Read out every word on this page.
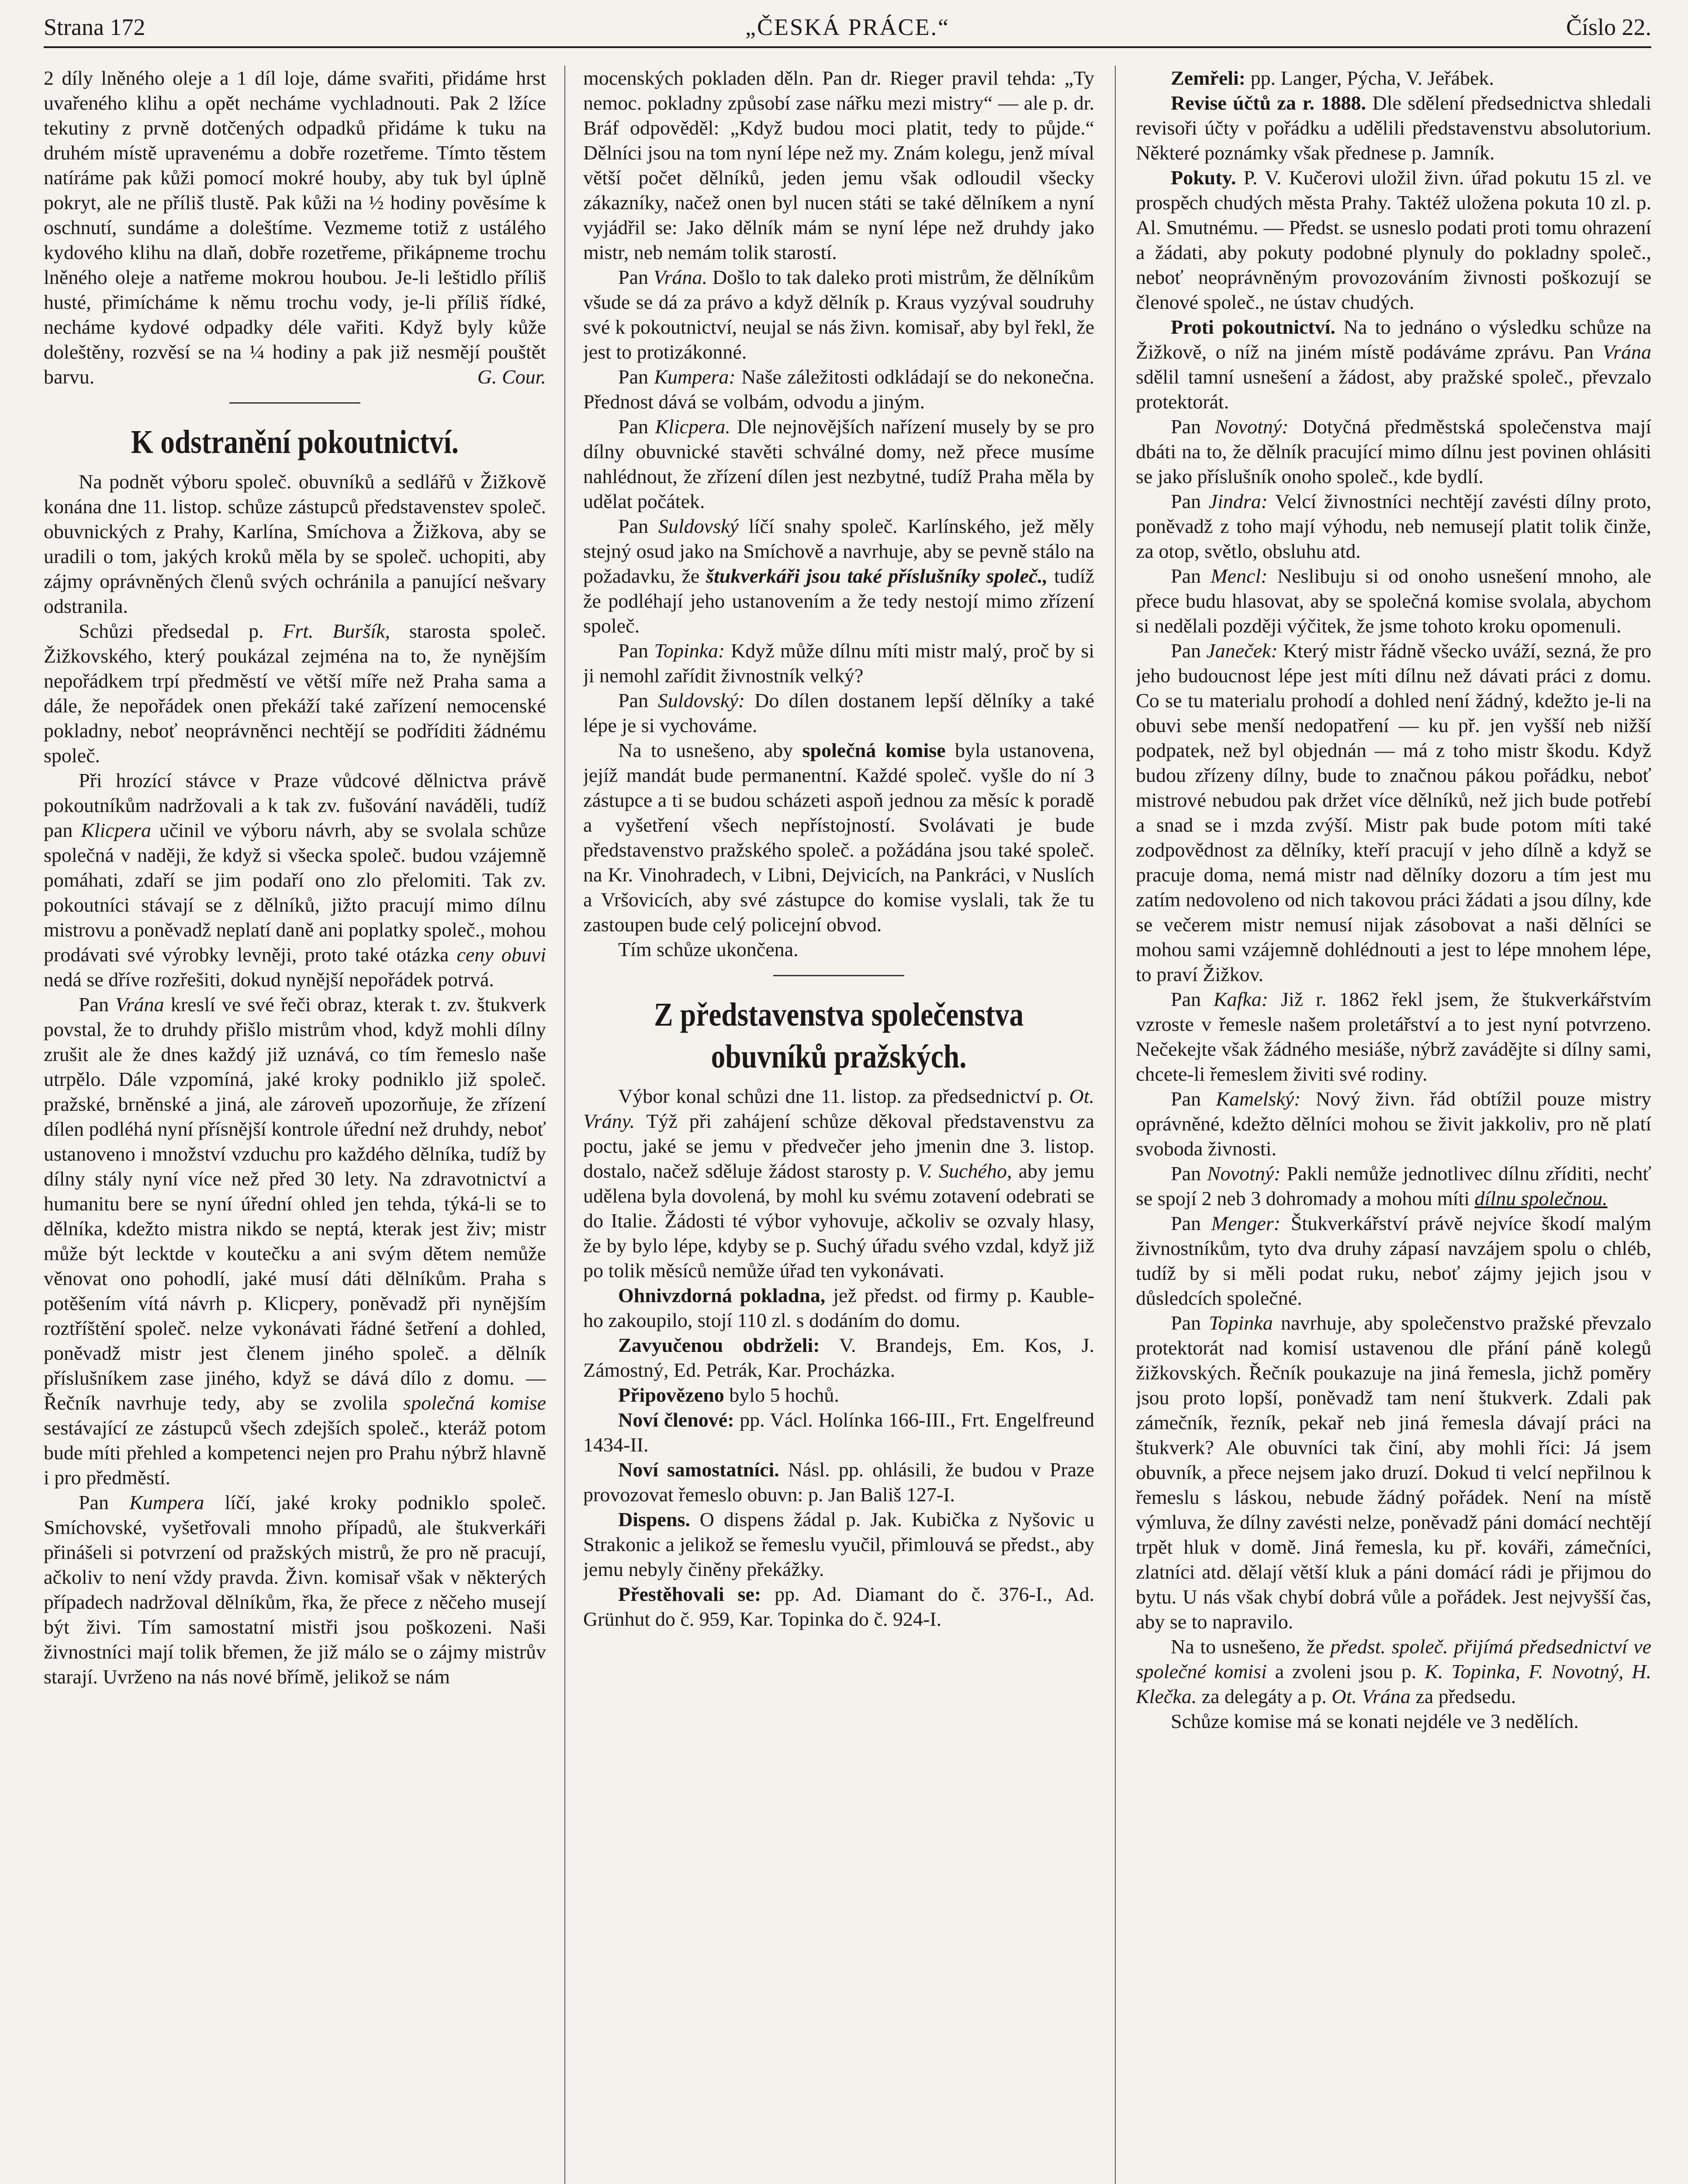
Strana 172	„ČESKÁ PRÁCE.“	Číslo 22.

2 díly lněného oleje a 1 díl loje, dáme svařiti, přidáme hrst uvařeného klihu a opět necháme vychladnouti. Pak 2 lžíce tekutiny z prvně dotčených odpadků přidáme k tuku na druhém místě upravenému a dobře rozetřeme. Tímto těstem natíráme pak kůži pomocí mokré houby, aby tuk byl úplně pokryt, ale ne příliš tlustě. Pak kůži na ½ hodiny pověsíme k oschnutí, sundáme a doleštíme. Vezmeme totiž z ustálého kydového klihu na dlaň, dobře rozetřeme, přikápneme trochu lněného oleje a natřeme mokrou houbou. Je-li leštidlo příliš husté, přimícháme k němu trochu vody, je-li příliš řídké, necháme kydové odpadky déle vařiti. Když byly kůže doleštěny, rozvěsí se na ¼ hodiny a pak již nesmějí pouštět barvu.	G. Cour.

K odstranění pokoutnictví.

Na podnět výboru společ. obuvníků a sedlářů v Žižkově konána dne 11. listop. schůze zástupců představenstev společ. obuvnických z Prahy, Karlína, Smíchova a Žižkova, aby se uradili o tom, jakých kroků měla by se společ. uchopiti, aby zájmy oprávněných členů svých ochránila a panující nešvary odstranila.

Schůzi předsedal p. Frt. Buršík, starosta společ. Žižkovského, který poukázal zejména na to, že nynějším nepořádkem trpí předměstí ve větší míře než Praha sama a dále, že nepořádek onen překáží také zařízení nemocenské pokladny, neboť neoprávněnci nechtějí se podříditi žádnému společ.

Při hrozící stávce v Praze vůdcové dělnictva právě pokoutníkům nadržovali a k tak zv. fušování naváděli, tudíž pan Klicpera učinil ve výboru návrh, aby se svolala schůze společná v naději, že když si všecka společ. budou vzájemně pomáhati, zdaří se jim podaří ono zlo přelomiti. Tak zv. pokoutníci stávají se z dělníků, jižto pracují mimo dílnu mistrovu a poněvadž neplatí daně ani poplatky společ., mohou prodávati své výrobky levněji, proto také otázka ceny obuvi nedá se dříve rozřešiti, dokud nynější nepořádek potrvá.

Pan Vrána kreslí ve své řeči obraz, kterak t. zv. štukverk povstal, že to druhdy přišlo mistrům vhod, když mohli dílny zrušit ale že dnes každý již uznává, co tím řemeslo naše utrpělo. Dále vzpomíná, jaké kroky podniklo již společ. pražské, brněnské a jiná, ale zároveň upozorňuje, že zřízení dílen podléhá nyní přísnější kontrole úřední než druhdy, neboť ustanoveno i množství vzduchu pro každého dělníka, tudíž by dílny stály nyní více než před 30 lety. Na zdravotnictví a humanitu bere se nyní úřední ohled jen tehda, týká-li se to dělníka, kdežto mistra nikdo se neptá, kterak jest živ; mistr může být lecktde v koutečku a ani svým dětem nemůže věnovat ono pohodlí, jaké musí dáti dělníkům. Praha s potěšením vítá návrh p. Klicpery, poněvadž při nynějším roztříštění společ. nelze vykonávati řádné šetření a dohled, poněvadž mistr jest členem jiného společ. a dělník příslušníkem zase jiného, když se dává dílo z domu. — Řečník navrhuje tedy, aby se zvolila společná komise sestávající ze zástupců všech zdejších společ., kteráž potom bude míti přehled a kompetenci nejen pro Prahu nýbrž hlavně i pro předměstí.

Pan Kumpera líčí, jaké kroky podniklo společ. Smíchovské, vyšetřovali mnoho případů, ale štukverkáři přinášeli si potvrzení od pražských mistrů, že pro ně pracují, ačkoliv to není vždy pravda. Živn. komisař však v některých případech nadržoval dělníkům, řka, že přece z něčeho musejí být živi. Tím samostatní mistři jsou poškozeni. Naši živnostníci mají tolik břemen, že již málo se o zájmy mistrův starají. Uvrženo na nás nové břímě, jelikož se nám

mocenských pokladen děln. Pan dr. Rieger pravil tehda: „Ty nemoc. pokladny způsobí zase nářku mezi mistry“ — ale p. dr. Bráf odpověděl: „Když budou moci platit, tedy to půjde.“ Dělníci jsou na tom nyní lépe než my. Znám kolegu, jenž míval větší počet dělníků, jeden jemu však odloudil všecky zákazníky, načež onen byl nucen státi se také dělníkem a nyní vyjádřil se: Jako dělník mám se nyní lépe než druhdy jako mistr, neb nemám tolik starostí.

Pan Vrána. Došlo to tak daleko proti mistrům, že dělníkům všude se dá za právo a když dělník p. Kraus vyzýval soudruhy své k pokoutnictví, neujal se nás živn. komisař, aby byl řekl, že jest to protizákonné.

Pan Kumpera: Naše záležitosti odkládají se do nekonečna. Přednost dává se volbám, odvodu a jiným.

Pan Klicpera. Dle nejnovějších nařízení musely by se pro dílny obuvnické stavěti schválné domy, než přece musíme nahlédnout, že zřízení dílen jest nezbytné, tudíž Praha měla by udělat počátek.

Pan Suldovský líčí snahy společ. Karlínského, jež měly stejný osud jako na Smíchově a navrhuje, aby se pevně stálo na požadavku, že štukverkáři jsou také příslušníky společ., tudíž že podléhají jeho ustanovením a že tedy nestojí mimo zřízení společ.

Pan Topinka: Když může dílnu míti mistr malý, proč by si ji nemohl zařídit živnostník velký?

Pan Suldovský: Do dílen dostanem lepší dělníky a také lépe je si vychováme.

Na to usnešeno, aby společná komise byla ustanovena, jejíž mandát bude permanentní. Každé společ. vyšle do ní 3 zástupce a ti se budou scházeti aspoň jednou za měsíc k poradě a vyšetření všech nepřístojností. Svolávati je bude představenstvo pražského společ. a požádána jsou také společ. na Kr. Vinohradech, v Libni, Dejvicích, na Pankráci, v Nuslích a Vršovicích, aby své zástupce do komise vyslali, tak že tu zastoupen bude celý policejní obvod.

Tím schůze ukončena.

Z představenstva společenstva obuvníků pražských.

Výbor konal schůzi dne 11. listop. za předsednictví p. Ot. Vrány. Týž při zahájení schůze děkoval představenstvu za poctu, jaké se jemu v předvečer jeho jmenin dne 3. listop. dostalo, načež sděluje žádost starosty p. V. Suchého, aby jemu udělena byla dovolená, by mohl ku svému zotavení odebrati se do Italie. Žádosti té výbor vyhovuje, ačkoliv se ozvaly hlasy, že by bylo lépe, kdyby se p. Suchý úřadu svého vzdal, když již po tolik měsíců nemůže úřad ten vykonávati.

Ohnivzdorná pokladna, jež předst. od firmy p. Kauble-ho zakoupilo, stojí 110 zl. s dodáním do domu.

Zavyučenou obdrželi: V. Brandejs, Em. Kos, J. Zámostný, Ed. Petrák, Kar. Procházka.

Připovězeno bylo 5 hochů.

Noví členové: pp. Václ. Holínka 166-III., Frt. Engelfreund 1434-II.

Noví samostatníci. Násl. pp. ohlásili, že budou v Praze provozovat řemeslo obuvn: p. Jan Bališ 127-I.

Dispens. O dispens žádal p. Jak. Kubička z Nyšovic u Strakonic a jelikož se řemeslu vyučil, přimlouvá se předst., aby jemu nebyly činěny překážky.

Přestěhovali se: pp. Ad. Diamant do č. 376-I., Ad. Grünhut do č. 959, Kar. Topinka do č. 924-I.

Zemřeli: pp. Langer, Pýcha, V. Jeřábek.

Revise účtů za r. 1888. Dle sdělení předsednictva shledali revisoři účty v pořádku a udělili představenstvu absolutorium. Některé poznámky však přednese p. Jamník.

Pokuty. P. V. Kučerovi uložil živn. úřad pokutu 15 zl. ve prospěch chudých města Prahy. Taktéž uložena pokuta 10 zl. p. Al. Smutnému. — Předst. se usneslo podati proti tomu ohrazení a žádati, aby pokuty podobné plynuly do pokladny společ., neboť neoprávněným provozováním živnosti poškozují se členové společ., ne ústav chudých.

Proti pokoutnictví. Na to jednáno o výsledku schůze na Žižkově, o níž na jiném místě podáváme zprávu. Pan Vrána sdělil tamní usnešení a žádost, aby pražské společ., převzalo protektorát.

Pan Novotný: Dotyčná předměstská společenstva mají dbáti na to, že dělník pracující mimo dílnu jest povinen ohlásiti se jako příslušník onoho společ., kde bydlí.

Pan Jindra: Velcí živnostníci nechtějí zavésti dílny proto, poněvadž z toho mají výhodu, neb nemusejí platit tolik činže, za otop, světlo, obsluhu atd.

Pan Mencl: Neslibuju si od onoho usnešení mnoho, ale přece budu hlasovat, aby se společná komise svolala, abychom si nedělali později výčitek, že jsme tohoto kroku opomenuli.

Pan Janeček: Který mistr řádně všecko uváží, sezná, že pro jeho budoucnost lépe jest míti dílnu než dávati práci z domu. Co se tu materialu prohodí a dohled není žádný, kdežto je-li na obuvi sebe menší nedopatření — ku př. jen vyšší neb nižší podpatek, než byl objednán — má z toho mistr škodu. Když budou zřízeny dílny, bude to značnou pákou pořádku, neboť mistrové nebudou pak držet více dělníků, než jich bude potřebí a snad se i mzda zvýší. Mistr pak bude potom míti také zodpovědnost za dělníky, kteří pracují v jeho dílně a když se pracuje doma, nemá mistr nad dělníky dozoru a tím jest mu zatím nedovoleno od nich takovou práci žádati a jsou dílny, kde se večerem mistr nemusí nijak zásobovat a naši dělníci se mohou sami vzájemně dohlédnouti a jest to lépe mnohem lépe, to praví Žižkov.

Pan Kafka: Již r. 1862 řekl jsem, že štukverkářstvím vzroste v řemesle našem proletářství a to jest nyní potvrzeno. Nečekejte však žádného mesiáše, nýbrž zavádějte si dílny sami, chcete-li řemeslem živiti své rodiny.

Pan Kamelský: Nový živn. řád obtížil pouze mistry oprávněné, kdežto dělníci mohou se živit jakkoliv, pro ně platí svoboda živnosti.

Pan Novotný: Pakli nemůže jednotlivec dílnu zříditi, nechť se spojí 2 neb 3 dohromady a mohou míti dílnu společnou.

Pan Menger: Štukverkářství právě nejvíce škodí malým živnostníkům, tyto dva druhy zápasí navzájem spolu o chléb, tudíž by si měli podat ruku, neboť zájmy jejich jsou v důsledcích společné.

Pan Topinka navrhuje, aby společenstvo pražské převzalo protektorát nad komisí ustavenou dle přání páně kolegů žižkovských. Řečník poukazuje na jiná řemesla, jichž poměry jsou proto lopší, poněvadž tam není štukverk. Zdali pak zámečník, řezník, pekař neb jiná řemesla dávají práci na štukverk? Ale obuvníci tak činí, aby mohli říci: Já jsem obuvník, a přece nejsem jako druzí. Dokud ti velcí nepřilnou k řemeslu s láskou, nebude žádný pořádek. Není na místě výmluva, že dílny zavésti nelze, poněvadž páni domácí nechtějí trpět hluk v domě. Jiná řemesla, ku př. kováři, zámečníci, zlatníci atd. dělají větší kluk a páni domácí rádi je přijmou do bytu. U nás však chybí dobrá vůle a pořádek. Jest nejvyšší čas, aby se to napravilo.

Na to usnešeno, že předst. společ. přijímá předsednictví ve společné komisi a zvoleni jsou p. K. Topinka, F. Novotný, H. Klečka. za delegáty a p. Ot. Vrána za předsedu.

Schůze komise má se konati nejdéle ve 3 nedělích.
